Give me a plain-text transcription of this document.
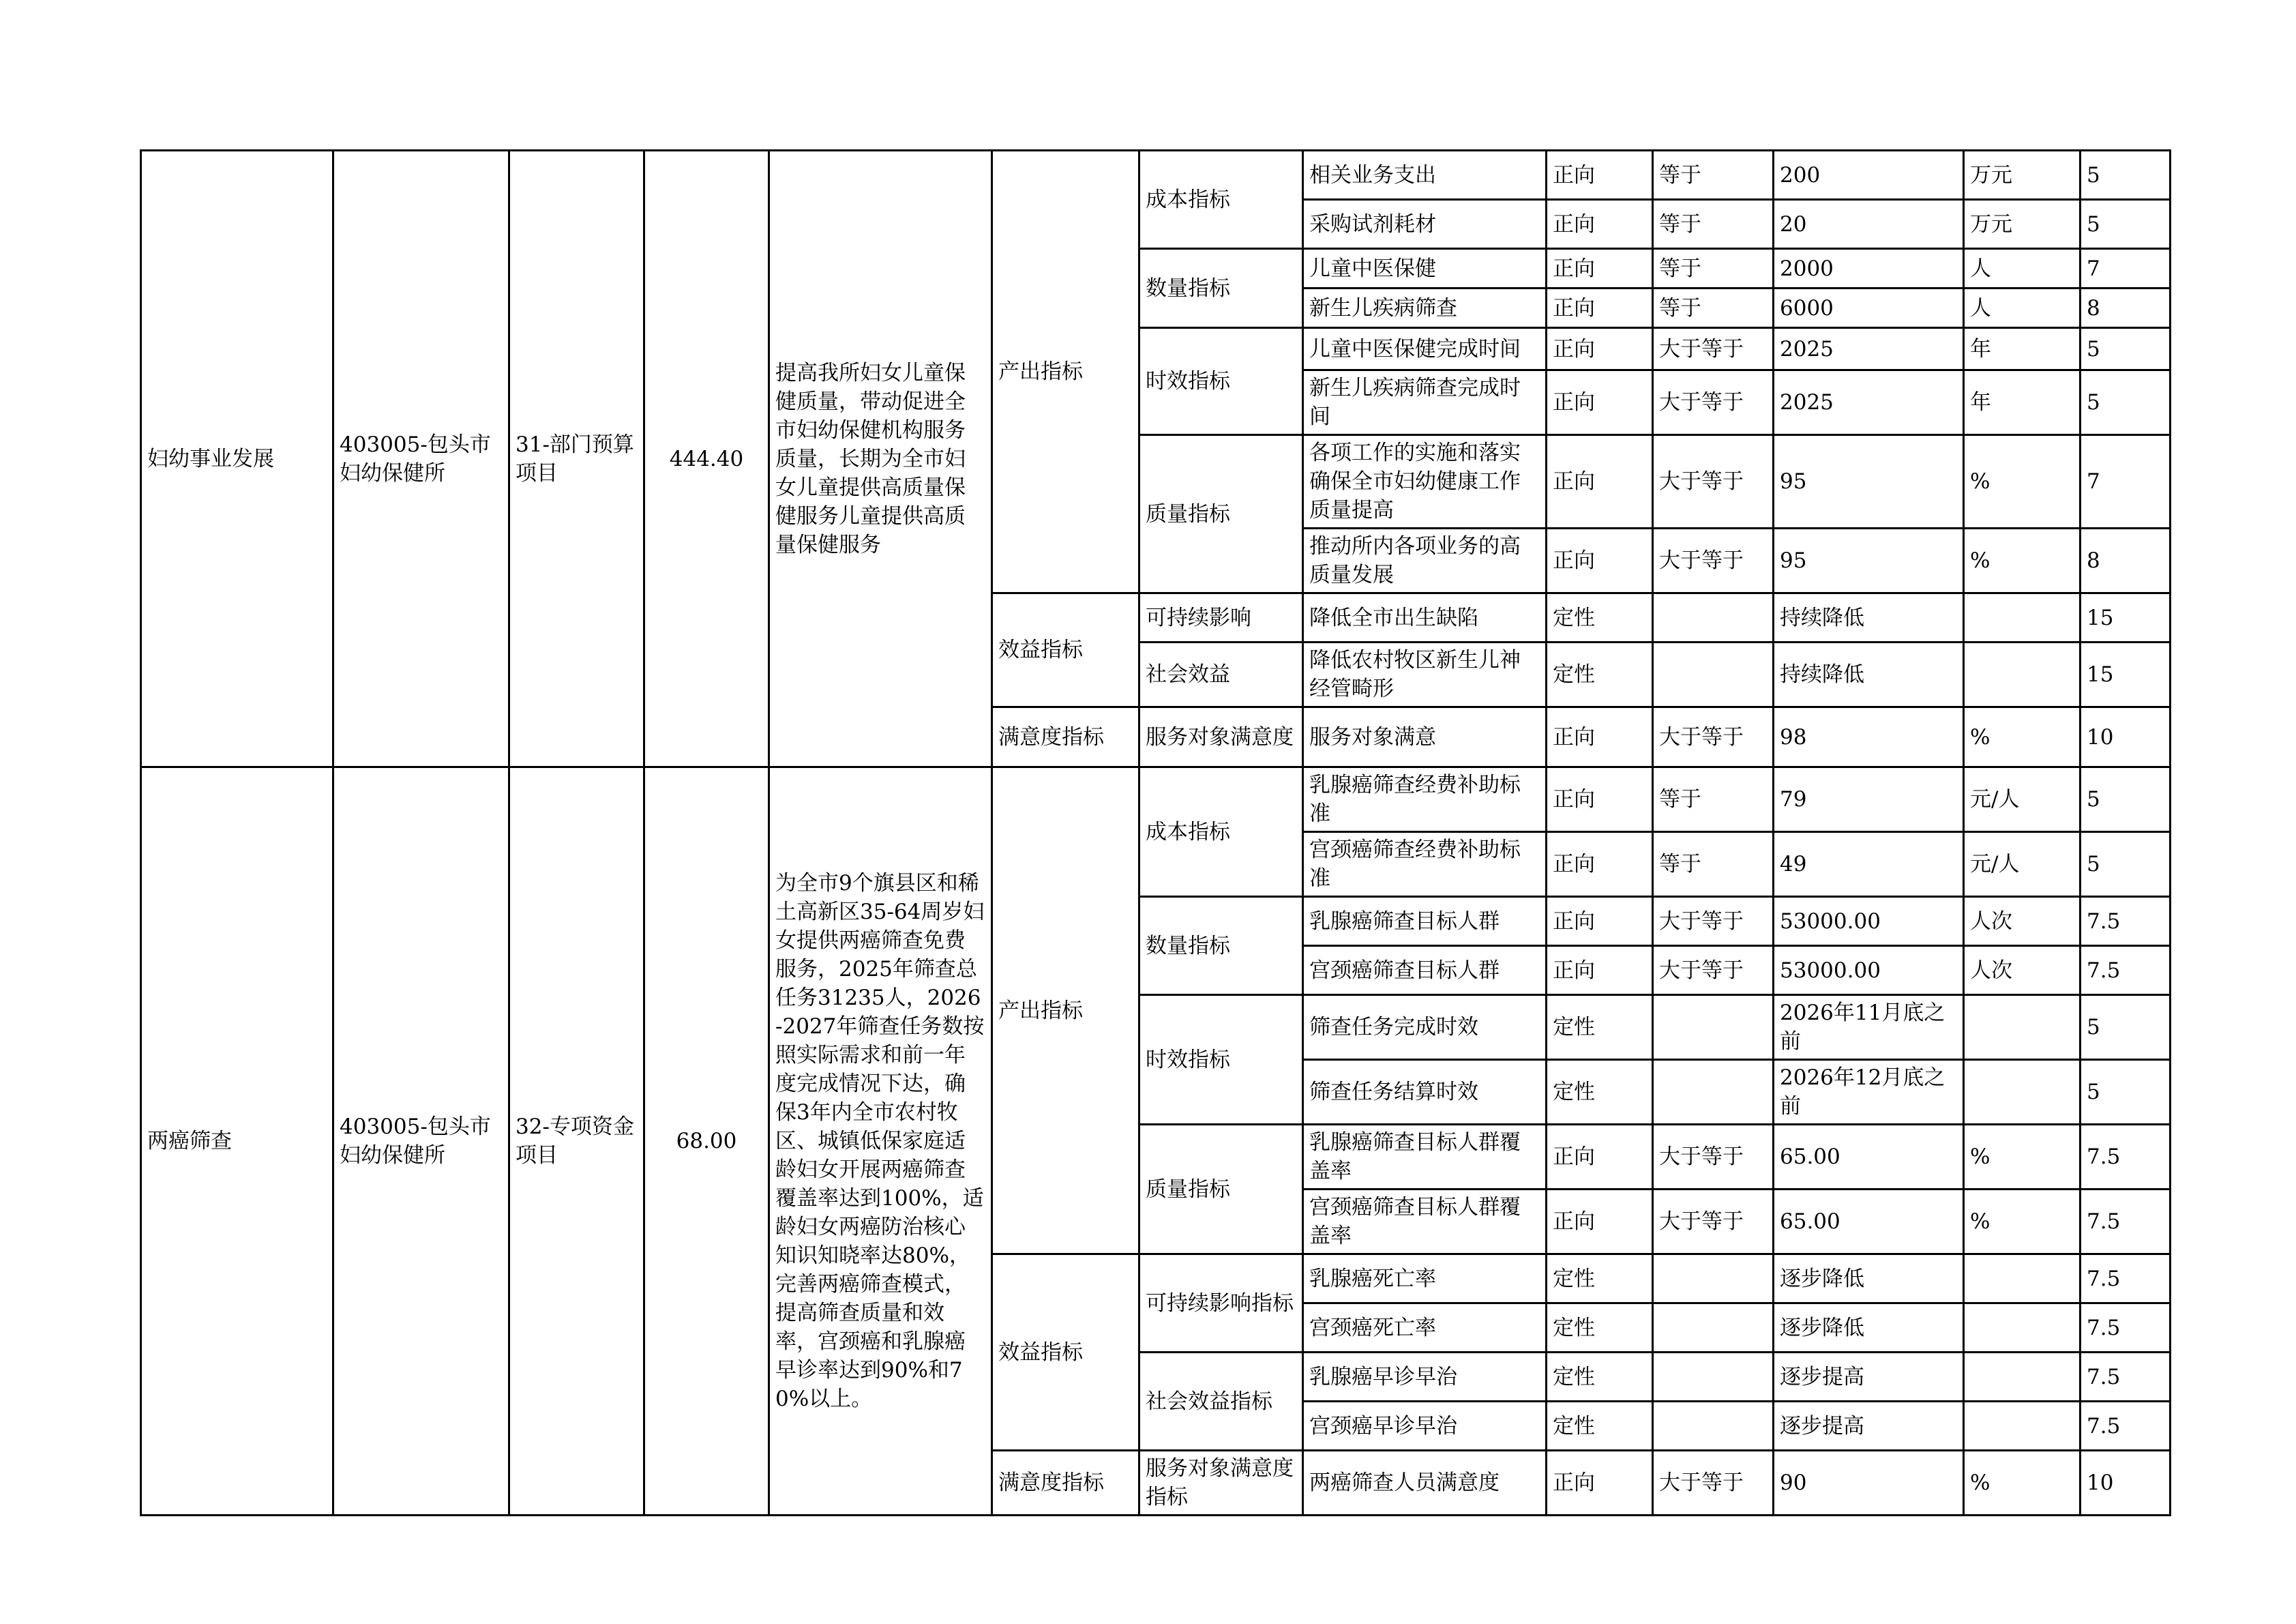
妇幼事业发展	403005-包头市妇幼保健所	31-部门预算项目	444.40	提高我所妇女儿童保健质量，带动促进全市妇幼保健机构服务质量，长期为全市妇女儿童提供高质量保健服务儿童提供高质量保健服务	产出指标	成本指标	相关业务支出	正向	等于	200	万元	5
							采购试剂耗材	正向	等于	20	万元	5
						数量指标	儿童中医保健	正向	等于	2000	人	7
							新生儿疾病筛查	正向	等于	6000	人	8
						时效指标	儿童中医保健完成时间	正向	大于等于	2025	年	5
							新生儿疾病筛查完成时间	正向	大于等于	2025	年	5
						质量指标	各项工作的实施和落实确保全市妇幼健康工作质量提高	正向	大于等于	95	%	7
							推动所内各项业务的高质量发展	正向	大于等于	95	%	8
					效益指标	可持续影响	降低全市出生缺陷	定性		持续降低		15
						社会效益	降低农村牧区新生儿神经管畸形	定性		持续降低		15
					满意度指标	服务对象满意度	服务对象满意	正向	大于等于	98	%	10
两癌筛查	403005-包头市妇幼保健所	32-专项资金项目	68.00	为全市9个旗县区和稀土高新区35-64周岁妇女提供两癌筛查免费服务，2025年筛查总任务31235人，2026-2027年筛查任务数按照实际需求和前一年度完成情况下达，确保3年内全市农村牧区、城镇低保家庭适龄妇女开展两癌筛查覆盖率达到100%，适龄妇女两癌防治核心知识知晓率达80%，完善两癌筛查模式，提高筛查质量和效率，宫颈癌和乳腺癌早诊率达到90%和70%以上。	产出指标	成本指标	乳腺癌筛查经费补助标准	正向	等于	79	元/人	5
							宫颈癌筛查经费补助标准	正向	等于	49	元/人	5
						数量指标	乳腺癌筛查目标人群	正向	大于等于	53000.00	人次	7.5
							宫颈癌筛查目标人群	正向	大于等于	53000.00	人次	7.5
						时效指标	筛查任务完成时效	定性		2026年11月底之前		5
							筛查任务结算时效	定性		2026年12月底之前		5
						质量指标	乳腺癌筛查目标人群覆盖率	正向	大于等于	65.00	%	7.5
							宫颈癌筛查目标人群覆盖率	正向	大于等于	65.00	%	7.5
					效益指标	可持续影响指标	乳腺癌死亡率	定性		逐步降低		7.5
							宫颈癌死亡率	定性		逐步降低		7.5
						社会效益指标	乳腺癌早诊早治	定性		逐步提高		7.5
							宫颈癌早诊早治	定性		逐步提高		7.5
					满意度指标	服务对象满意度指标	两癌筛查人员满意度	正向	大于等于	90	%	10
